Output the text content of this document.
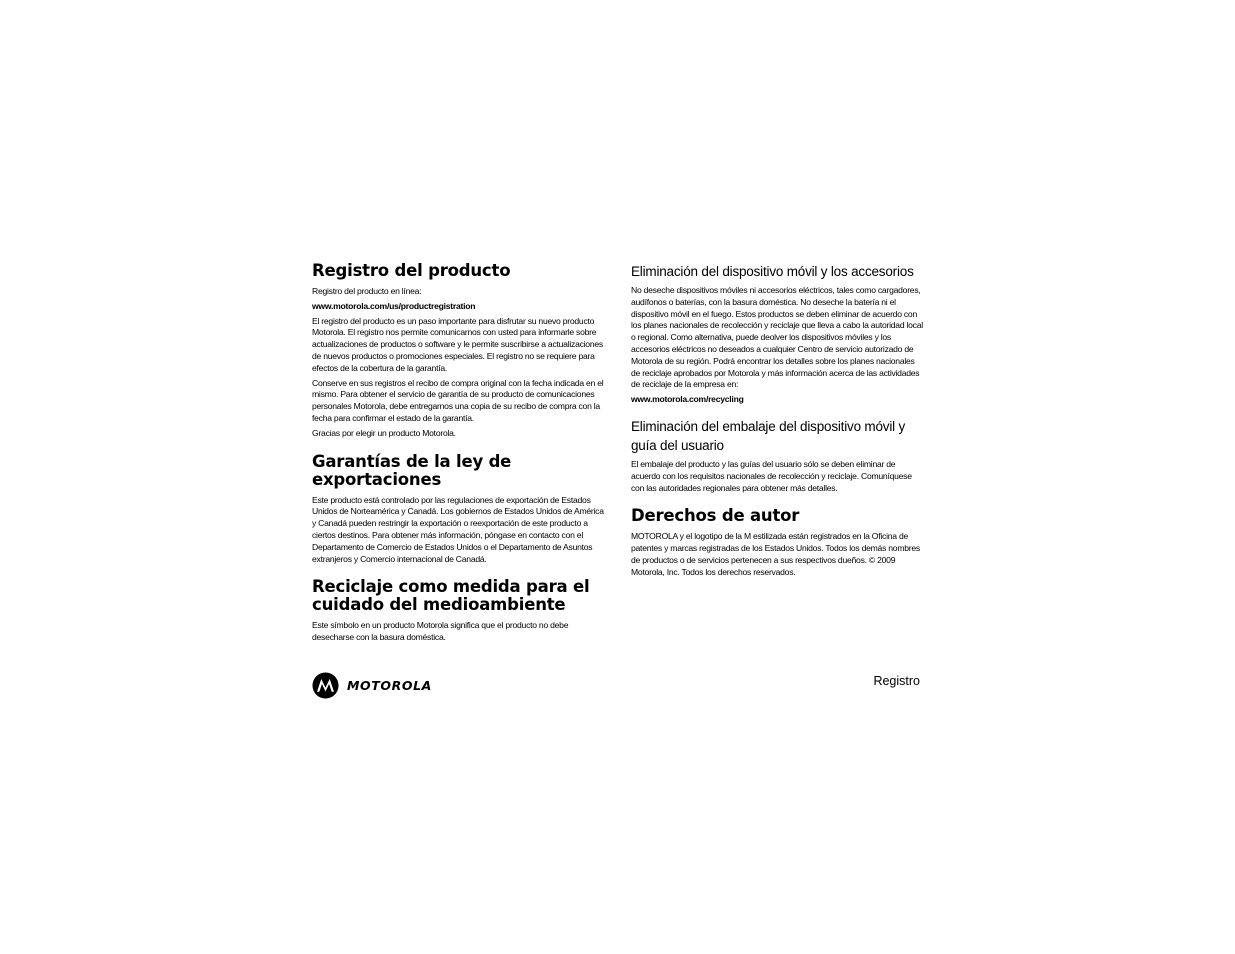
Registro del producto

Registro del producto en línea:

www.motorola.com/us/productregistration

El registro del producto es un paso importante para disfrutar su nuevo producto Motorola. El registro nos permite comunicarnos con usted para informarle sobre actualizaciones de productos o software y le permite suscribirse a actualizaciones de nuevos productos o promociones especiales. El registro no se requiere para efectos de la cobertura de la garantía.

Conserve en sus registros el recibo de compra original con la fecha indicada en el mismo. Para obtener el servicio de garantía de su producto de comunicaciones personales Motorola, debe entregarnos una copia de su recibo de compra con la fecha para confirmar el estado de la garantía.

Gracias por elegir un producto Motorola.

Garantías de la ley de exportaciones

Este producto está controlado por las regulaciones de exportación de Estados Unidos de Norteamérica y Canadá. Los gobiernos de Estados Unidos de América y Canadá pueden restringir la exportación o reexportación de este producto a ciertos destinos. Para obtener más información, póngase en contacto con el Departamento de Comercio de Estados Unidos o el Departamento de Asuntos extranjeros y Comercio internacional de Canadá.

Reciclaje como medida para el cuidado del medioambiente

Este símbolo en un producto Motorola significa que el producto no debe desecharse con la basura doméstica.

Eliminación del dispositivo móvil y los accesorios

No deseche dispositivos móviles ni accesorios eléctricos, tales como cargadores, audífonos o baterías, con la basura doméstica. No deseche la batería ni el dispositivo móvil en el fuego. Estos productos se deben eliminar de acuerdo con los planes nacionales de recolección y reciclaje que lleva a cabo la autoridad local o regional. Como alternativa, puede deolver los dispositivos móviles y los accesorios eléctricos no deseados a cualquier Centro de servicio autorizado de Motorola de su región. Podrá encontrar los detalles sobre los planes nacionales de reciclaje aprobados por Motorola y más información acerca de las actividades de reciclaje de la empresa en:

www.motorola.com/recycling

Eliminación del embalaje del dispositivo móvil y guía del usuario

El embalaje del producto y las guías del usuario sólo se deben eliminar de acuerdo con los requisitos nacionales de recolección y reciclaje. Comuníquese con las autoridades regionales para obtener más detalles.

Derechos de autor

MOTOROLA y el logotipo de la M estilizada están registrados en la Oficina de patentes y marcas registradas de los Estados Unidos. Todos los demás nombres de productos o de servicios pertenecen a sus respectivos dueños. © 2009 Motorola, Inc. Todos los derechos reservados.

MOTOROLA	Registro
